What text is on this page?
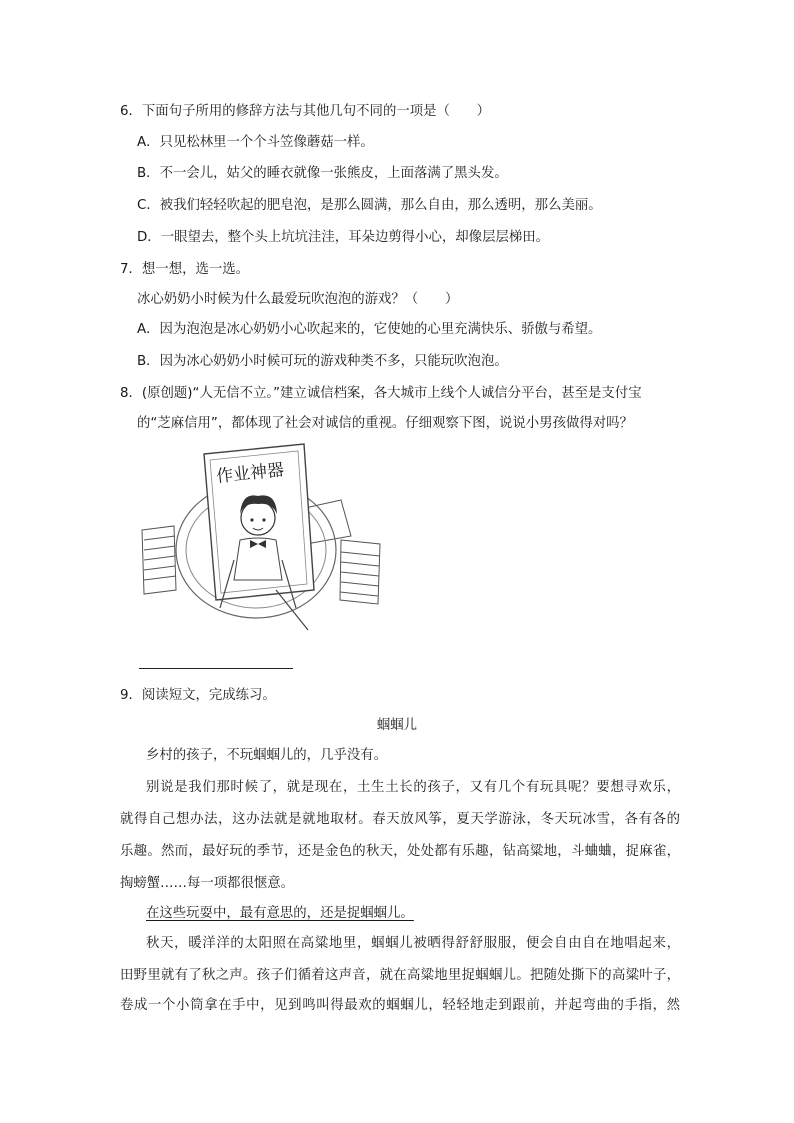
6．下面句子所用的修辞方法与其他几句不同的一项是（　　）
A．只见松林里一个个斗笠像蘑菇一样。
B．不一会儿，姑父的睡衣就像一张熊皮，上面落满了黑头发。
C．被我们轻轻吹起的肥皂泡，是那么圆满，那么自由，那么透明，那么美丽。
D．一眼望去，整个头上坑坑洼洼，耳朵边剪得小心，却像层层梯田。
7．想一想，选一选。
冰心奶奶小时候为什么最爱玩吹泡泡的游戏？（　　）
A．因为泡泡是冰心奶奶小心吹起来的，它使她的心里充满快乐、骄傲与希望。
B．因为冰心奶奶小时候可玩的游戏种类不多，只能玩吹泡泡。
8．(原创题)“人无信不立。”建立诚信档案，各大城市上线个人诚信分平台，甚至是支付宝
的“芝麻信用”，都体现了社会对诚信的重视。仔细观察下图，说说小男孩做得对吗？
作业神器
9．阅读短文，完成练习。
蝈蝈儿
乡村的孩子，不玩蝈蝈儿的，几乎没有。
别说是我们那时候了，就是现在，土生土长的孩子，又有几个有玩具呢？要想寻欢乐，
就得自己想办法，这办法就是就地取材。春天放风筝，夏天学游泳，冬天玩冰雪，各有各的
乐趣。然而，最好玩的季节，还是金色的秋天，处处都有乐趣，钻高粱地，斗蛐蛐，捉麻雀，
掏螃蟹……每一项都很惬意。
在这些玩耍中，最有意思的，还是捉蝈蝈儿。
秋天，暖洋洋的太阳照在高粱地里，蝈蝈儿被晒得舒舒服服，便会自由自在地唱起来，
田野里就有了秋之声。孩子们循着这声音，就在高粱地里捉蝈蝈儿。把随处撕下的高粱叶子，
卷成一个小筒拿在手中，见到鸣叫得最欢的蝈蝈儿，轻轻地走到跟前，并起弯曲的手指，然
